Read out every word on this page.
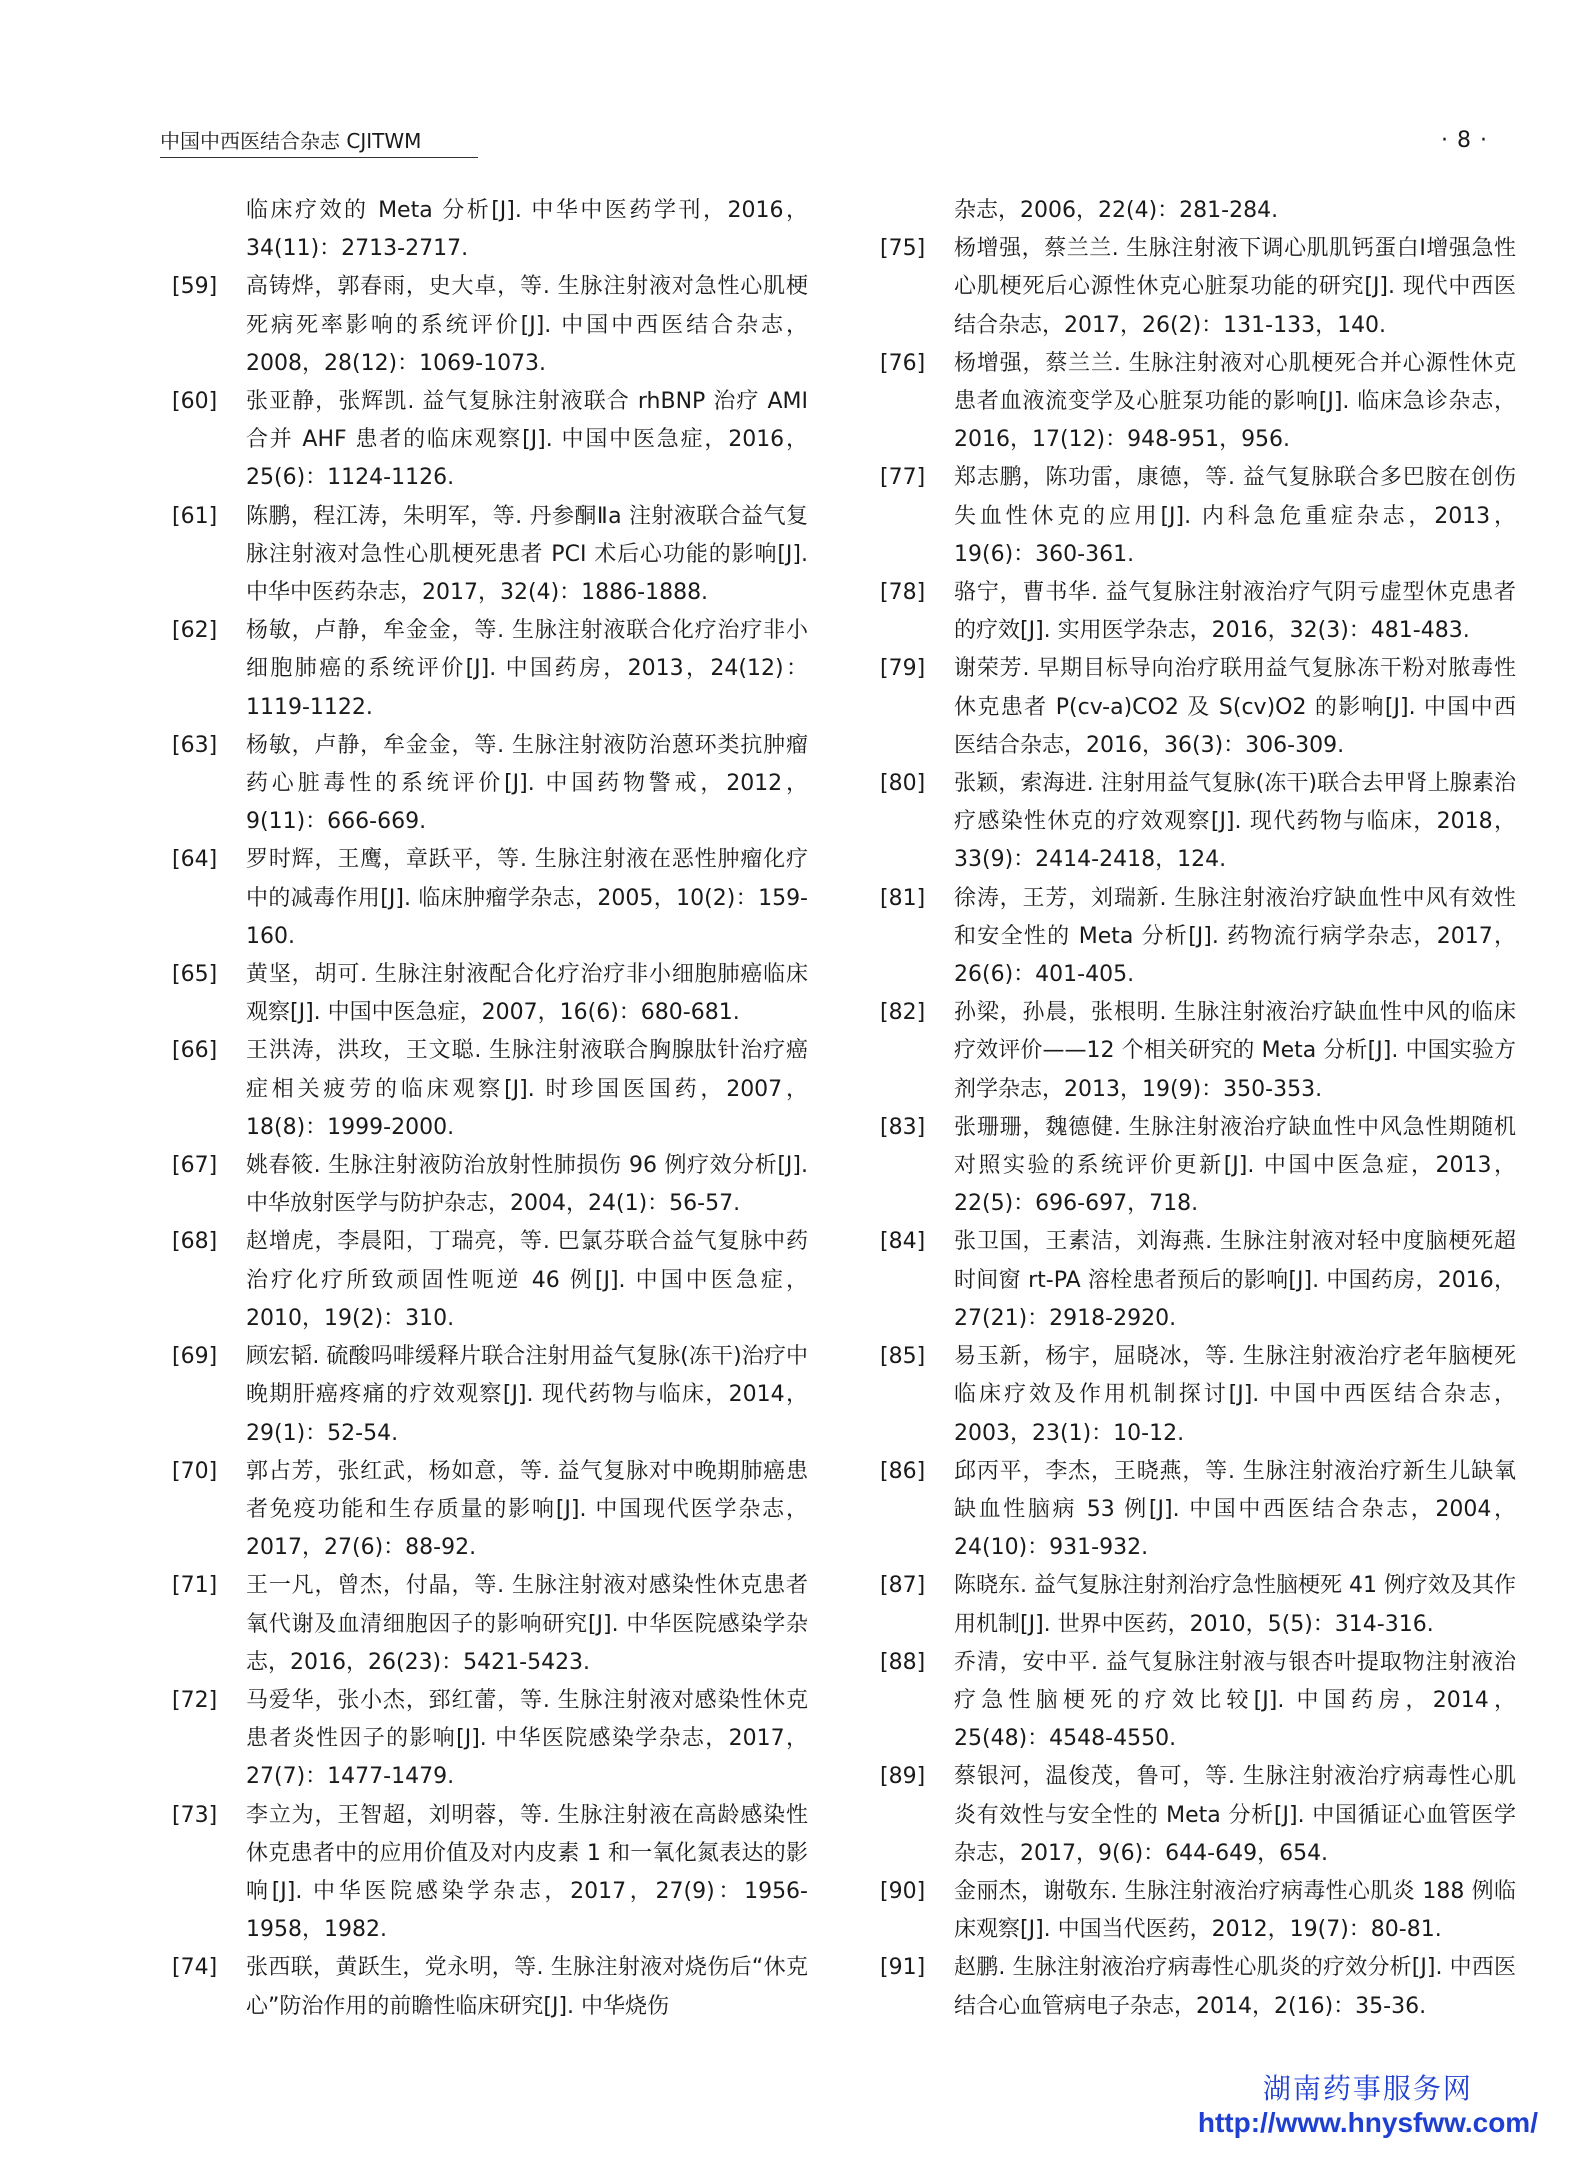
中国中西医结合杂志 CJITWM	· 8 ·
临床疗效的 Meta 分析[J]. 中华中医药学刊，2016，34(11)：2713-2717.
[59]	高铸烨，郭春雨，史大卓，等. 生脉注射液对急性心肌梗死病死率影响的系统评价[J]. 中国中西医结合杂志，2008，28(12)：1069-1073.
[60]	张亚静，张辉凯. 益气复脉注射液联合 rhBNP 治疗 AMI 合并 AHF 患者的临床观察[J]. 中国中医急症，2016，25(6)：1124-1126.
[61]	陈鹏，程江涛，朱明军，等. 丹参酮Ⅱa 注射液联合益气复脉注射液对急性心肌梗死患者 PCI 术后心功能的影响[J]. 中华中医药杂志，2017，32(4)：1886-1888.
[62]	杨敏，卢静，牟金金，等. 生脉注射液联合化疗治疗非小细胞肺癌的系统评价[J]. 中国药房，2013，24(12)：1119-1122.
[63]	杨敏，卢静，牟金金，等. 生脉注射液防治蒽环类抗肿瘤药心脏毒性的系统评价[J]. 中国药物警戒，2012，9(11)：666-669.
[64]	罗时辉，王鹰，章跃平，等. 生脉注射液在恶性肿瘤化疗中的减毒作用[J]. 临床肿瘤学杂志，2005，10(2)：159-160.
[65]	黄坚，胡可. 生脉注射液配合化疗治疗非小细胞肺癌临床观察[J]. 中国中医急症，2007，16(6)：680-681.
[66]	王洪涛，洪玫，王文聪. 生脉注射液联合胸腺肽针治疗癌症相关疲劳的临床观察[J]. 时珍国医国药，2007，18(8)：1999-2000.
[67]	姚春筱. 生脉注射液防治放射性肺损伤 96 例疗效分析[J]. 中华放射医学与防护杂志，2004，24(1)：56-57.
[68]	赵增虎，李晨阳，丁瑞亮，等. 巴氯芬联合益气复脉中药治疗化疗所致顽固性呃逆 46 例[J]. 中国中医急症，2010，19(2)：310.
[69]	顾宏韬. 硫酸吗啡缓释片联合注射用益气复脉(冻干)治疗中晚期肝癌疼痛的疗效观察[J]. 现代药物与临床，2014，29(1)：52-54.
[70]	郭占芳，张红武，杨如意，等. 益气复脉对中晚期肺癌患者免疫功能和生存质量的影响[J]. 中国现代医学杂志，2017，27(6)：88-92.
[71]	王一凡，曾杰，付晶，等. 生脉注射液对感染性休克患者氧代谢及血清细胞因子的影响研究[J]. 中华医院感染学杂志，2016，26(23)：5421-5423.
[72]	马爱华，张小杰，郅红蕾，等. 生脉注射液对感染性休克患者炎性因子的影响[J]. 中华医院感染学杂志，2017，27(7)：1477-1479.
[73]	李立为，王智超，刘明蓉，等. 生脉注射液在高龄感染性休克患者中的应用价值及对内皮素 1 和一氧化氮表达的影响[J]. 中华医院感染学杂志，2017，27(9)：1956-1958，1982.
[74]	张西联，黄跃生，党永明，等. 生脉注射液对烧伤后“休克心”防治作用的前瞻性临床研究[J]. 中华烧伤
杂志，2006，22(4)：281-284.
[75]	杨增强，蔡兰兰. 生脉注射液下调心肌肌钙蛋白Ⅰ增强急性心肌梗死后心源性休克心脏泵功能的研究[J]. 现代中西医结合杂志，2017，26(2)：131-133，140.
[76]	杨增强，蔡兰兰. 生脉注射液对心肌梗死合并心源性休克患者血液流变学及心脏泵功能的影响[J]. 临床急诊杂志，2016，17(12)：948-951，956.
[77]	郑志鹏，陈功雷，康德，等. 益气复脉联合多巴胺在创伤失血性休克的应用[J]. 内科急危重症杂志，2013，19(6)：360-361.
[78]	骆宁，曹书华. 益气复脉注射液治疗气阴亏虚型休克患者的疗效[J]. 实用医学杂志，2016，32(3)：481-483.
[79]	谢荣芳. 早期目标导向治疗联用益气复脉冻干粉对脓毒性休克患者 P(cv-a)CO2 及 S(cv)O2 的影响[J]. 中国中西医结合杂志，2016，36(3)：306-309.
[80]	张颖，索海进. 注射用益气复脉(冻干)联合去甲肾上腺素治疗感染性休克的疗效观察[J]. 现代药物与临床，2018，33(9)：2414-2418，124.
[81]	徐涛，王芳，刘瑞新. 生脉注射液治疗缺血性中风有效性和安全性的 Meta 分析[J]. 药物流行病学杂志，2017，26(6)：401-405.
[82]	孙梁，孙晨，张根明. 生脉注射液治疗缺血性中风的临床疗效评价——12 个相关研究的 Meta 分析[J]. 中国实验方剂学杂志，2013，19(9)：350-353.
[83]	张珊珊，魏德健. 生脉注射液治疗缺血性中风急性期随机对照实验的系统评价更新[J]. 中国中医急症，2013，22(5)：696-697，718.
[84]	张卫国，王素洁，刘海燕. 生脉注射液对轻中度脑梗死超时间窗 rt-PA 溶栓患者预后的影响[J]. 中国药房，2016，27(21)：2918-2920.
[85]	易玉新，杨宇，屈晓冰，等. 生脉注射液治疗老年脑梗死临床疗效及作用机制探讨[J]. 中国中西医结合杂志，2003，23(1)：10-12.
[86]	邱丙平，李杰，王晓燕，等. 生脉注射液治疗新生儿缺氧缺血性脑病 53 例[J]. 中国中西医结合杂志，2004，24(10)：931-932.
[87]	陈晓东. 益气复脉注射剂治疗急性脑梗死 41 例疗效及其作用机制[J]. 世界中医药，2010，5(5)：314-316.
[88]	乔清，安中平. 益气复脉注射液与银杏叶提取物注射液治疗急性脑梗死的疗效比较[J]. 中国药房，2014，25(48)：4548-4550.
[89]	蔡银河，温俊茂，鲁可，等. 生脉注射液治疗病毒性心肌炎有效性与安全性的 Meta 分析[J]. 中国循证心血管医学杂志，2017，9(6)：644-649，654.
[90]	金丽杰，谢敬东. 生脉注射液治疗病毒性心肌炎 188 例临床观察[J]. 中国当代医药，2012，19(7)：80-81.
[91]	赵鹏. 生脉注射液治疗病毒性心肌炎的疗效分析[J]. 中西医结合心血管病电子杂志，2014，2(16)：35-36.
湖南药事服务网
http://www.hnysfww.com/
